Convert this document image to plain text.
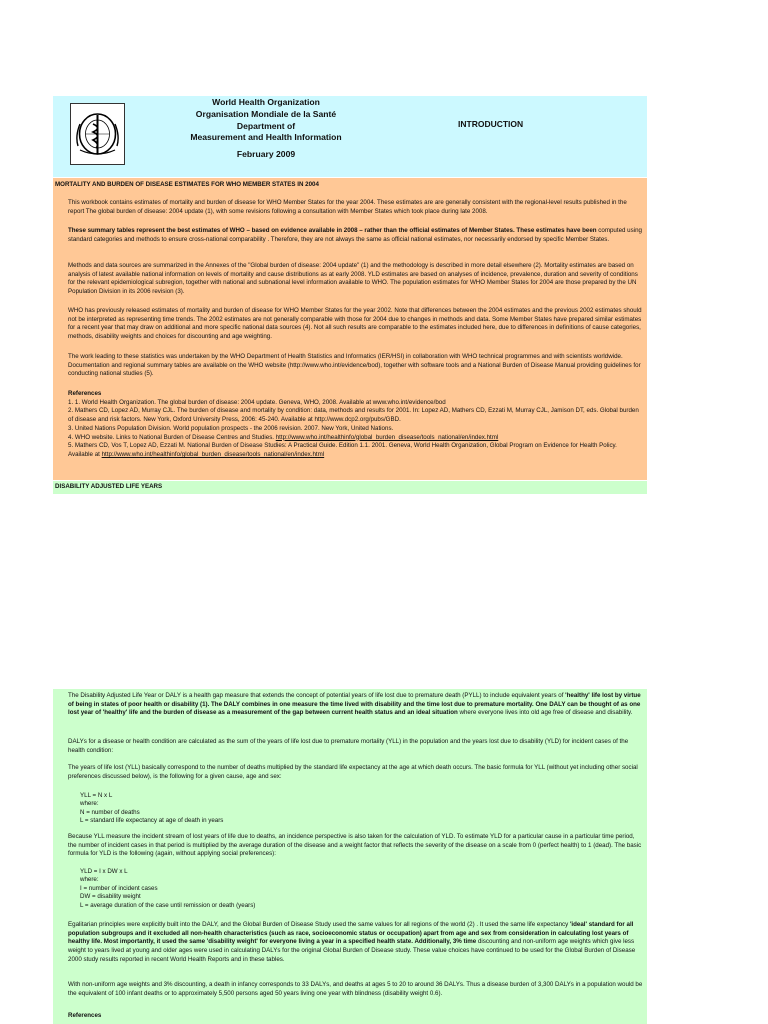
World Health Organization
Organisation Mondiale de la Santé
Department of
Measurement and Health Information
February 2009
INTRODUCTION
MORTALITY AND BURDEN OF DISEASE ESTIMATES FOR WHO MEMBER STATES IN 2004

This workbook contains estimates of mortality and burden of disease for WHO Member States for the year 2004. These estimates are are generally consistent with the regional-level results published in the report The global burden of disease: 2004 update (1), with some revisions following a consultation with Member States which took place during late 2008.

These summary tables represent the best estimates of WHO – based on evidence available in 2008 – rather than the official estimates of Member States. These estimates have been computed using standard categories and methods to ensure cross-national comparability . Therefore, they are not always the same as official national estimates, nor necessarily endorsed by specific Member States.

Methods and data sources are summarized in the Annexes of the "Global burden of disease: 2004 update" (1) and the methodology is described in more detail elsewhere (2). Mortality estimates are based on analysis of latest available national information on levels of mortality and cause distributions as at early 2008. YLD estimates are based on analyses of incidence, prevalence, duration and severity of conditions for the relevant epidemiological subregion, together with national and subnational level information available to WHO. The population estimates for WHO Member States for 2004 are those prepared by the UN Population Division in its 2006 revision (3).

WHO has previously released estimates of mortality and burden of disease for WHO Member States for the year 2002. Note that differences between the 2004 estimates and the previous 2002 estimates should not be interpreted as representing time trends. The 2002 estimates are not generally comparable with those for 2004 due to changes in methods and data. Some Member States have prepared similar estimates for a recent year that may draw on additional and more specific national data sources (4). Not all such results are comparable to the estimates included here, due to differences in definitions of cause categories, methods, disability weights and choices for discounting and age weighting.

The work leading to these statistics was undertaken by the WHO Department of Health Statistics and Informatics (IER/HSI) in collaboration with WHO technical programmes and with scientists worldwide. Documentation and regional summary tables are available on the WHO website (http://www.who.int/evidence/bod), together with software tools and a National Burden of Disease Manual providing guidelines for conducting national studies (5).

References
1. 1. World Health Organization. The global burden of disease: 2004 update. Geneva, WHO, 2008. Available at www.who.int/evidence/bod
2. Mathers CD, Lopez AD, Murray CJL. The burden of disease and mortality by condition: data, methods and results for 2001. In: Lopez AD, Mathers CD, Ezzati M, Murray CJL, Jamison DT, eds. Global burden of disease and risk factors. New York, Oxford University Press, 2006: 45-240. Available at http://www.dcp2.org/pubs/GBD.
3. United Nations Population Division. World population prospects - the 2006 revision. 2007. New York, United Nations.
4. WHO website. Links to National Burden of Disease Centres and Studies. http://www.who.int/healthinfo/global_burden_disease/tools_national/en/index.html
5. Mathers CD, Vos T, Lopez AD, Ezzati M. National Burden of Disease Studies: A Practical Guide. Edition 1.1. 2001. Geneva, World Health Organization, Global Program on Evidence for Health Policy. Available at http://www.who.int/healthinfo/global_burden_disease/tools_national/en/index.html
DISABILITY ADJUSTED LIFE YEARS

The Disability Adjusted Life Year or DALY is a health gap measure that extends the concept of potential years of life lost due to premature death (PYLL) to include equivalent years of 'healthy' life lost by virtue of being in states of poor health or disability (1). The DALY combines in one measure the time lived with disability and the time lost due to premature mortality. One DALY can be thought of as one lost year of 'healthy' life and the burden of disease as a measurement of the gap between current health status and an ideal situation where everyone lives into old age free of disease and disability.

DALYs for a disease or health condition are calculated as the sum of the years of life lost due to premature mortality (YLL) in the population and the years lost due to disability (YLD) for incident cases of the health condition:

The years of life lost (YLL) basically correspond to the number of deaths multiplied by the standard life expectancy at the age at which death occurs. The basic formula for YLL (without yet including other social preferences discussed below), is the following for a given cause, age and sex:

YLL = N x L
where:
N = number of deaths
L = standard life expectancy at age of death in years

Because YLL measure the incident stream of lost years of life due to deaths, an incidence perspective is also taken for the calculation of YLD. To estimate YLD for a particular cause in a particular time period, the number of incident cases in that period is multiplied by the average duration of the disease and a weight factor that reflects the severity of the disease on a scale from 0 (perfect health) to 1 (dead). The basic formula for YLD is the following (again, without applying social preferences):

YLD = I x DW x L
where:
I = number of incident cases
DW = disability weight
L = average duration of the case until remission or death (years)

Egalitarian principles were explicitly built into the DALY, and the Global Burden of Disease Study used the same values for all regions of the world (2) . It used the same life expectancy 'ideal' standard for all population subgroups and it excluded all non-health characteristics (such as race, socioeconomic status or occupation) apart from age and sex from consideration in calculating lost years of healthy life. Most importantly, it used the same 'disability weight' for everyone living a year in a specified health state. Additionally, 3% time discounting and non-uniform age weights which give less weight to years lived at young and older ages were used in calculating DALYs for the original Global Burden of Disease study. These value choices have continued to be used for the Global Burden of Disease 2000 study results reported in recent World Health Reports and in these tables.

With non-uniform age weights and 3% discounting, a death in infancy corresponds to 33 DALYs, and deaths at ages 5 to 20 to around 36 DALYs. Thus a disease burden of 3,300 DALYs in a population would be the equivalent of 100 infant deaths or to approximately 5,500 persons aged 50 years living one year with blindness (disability weight 0.6).

References
